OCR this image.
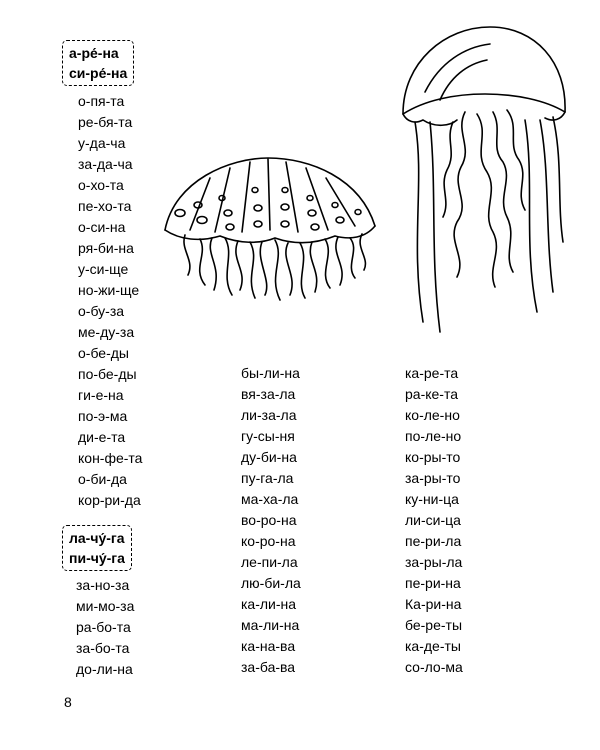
а-ре́-на
си-ре́-на
о-пя-та
ре-бя-та
у-да-ча
за-да-ча
о-хо-та
пе-хо-та
о-си-на
ря-би-на
у-си-ще
но-жи-ще
о-бу-за
ме-ду-за
о-бе-ды
по-бе-ды
ги-е-на
по-э-ма
ди-е-та
кон-фе-та
о-би-да
кор-ри-да
ла-чу́-га
пи-чу́-га
за-но-за
ми-мо-за
ра-бо-та
за-бо-та
до-ли-на
бы-ли-на
вя-за-ла
ли-за-ла
гу-сы-ня
ду-би-на
пу-га-ла
ма-ха-ла
во-ро-на
ко-ро-на
ле-пи-ла
лю-би-ла
ка-ли-на
ма-ли-на
ка-на-ва
за-ба-ва
ка-ре-та
ра-ке-та
ко-ле-но
по-ле-но
ко-ры-то
за-ры-то
ку-ни-ца
ли-си-ца
пе-ри-ла
за-ры-ла
пе-ри-на
Ка-ри-на
бе-ре-ты
ка-де-ты
со-ло-ма
8
